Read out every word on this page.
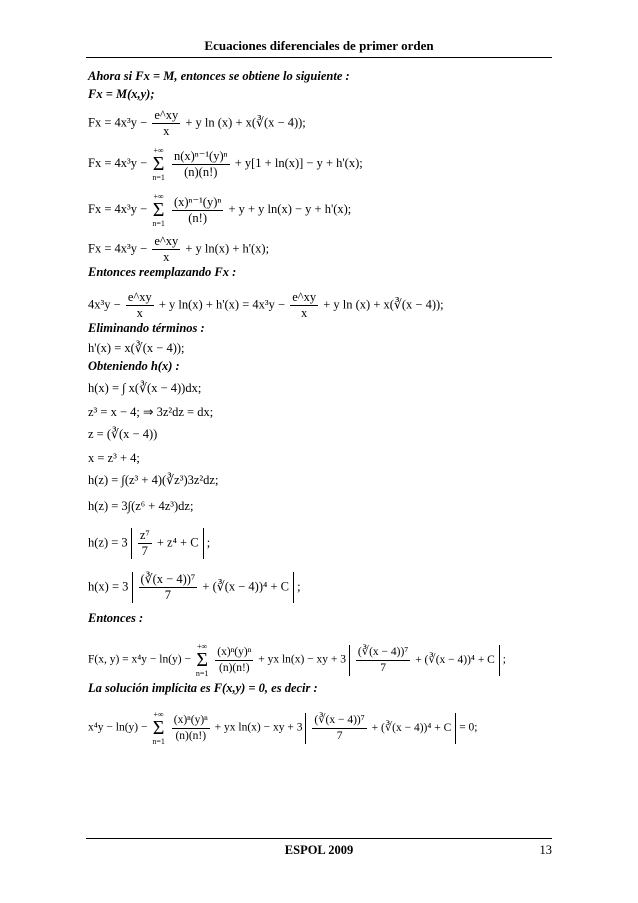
Ecuaciones diferenciales de primer orden
Ahora si Fx = M, entonces se obtiene lo siguiente :
Fx = M(x,y);
$Fx = 4x^3y - \frac{e\^{}xy}{x} + y$ ln (x) + x(∛(x − 4));
Fx = 4x³y −
+∞
Σ
n=1
$\frac{\text{n(x)ⁿ⁻¹(y)ⁿ}}{(n)(n!)} + y[1 + \ln(x)] - y + h'(x)$;
Fx = 4x³y −
+∞
Σ
n=1
$\frac{\text{(x)ⁿ⁻¹(y)ⁿ}}{(n!)} + y + y$ ln(x) − y + h'(x);
$Fx = 4x^3y - \frac{e\^{}xy}{x} + y$ ln(x) + h'(x);
Entonces reemplazando Fx :
$4x^3y - \frac{e\^{}xy}{x} + y$ $\ln(x) + h'(x) = 4x^3y - \frac{e\^{}xy}{x} + y$ ln (x) + x(∛(x − 4));
Eliminando términos :
h'(x) = x(∛(x − 4));
Obteniendo h(x) :
h(x) = ∫ x(∛(x − 4))dx;
z³ = x − 4; ⇒ 3z²dz = dx;
z = (∛(x − 4))
x = z³ + 4;
h(z) = ∫(z³ + 4)(∛z³)3z²dz;
h(z) = 3∫(z⁶ + 4z³)dz;
$h(z) = 3 \frac{\text{z⁷}}{7} + z^4 + C$ ;
$h(x) = 3 \frac{\text{(∛(x − 4))⁷}}{7}$ + (∛(x − 4))⁴ + C ;
Entonces :
F(x, y) = x⁴y − ln(y) −
+∞
Σ
n=1
$\frac{\text{(x)ⁿ(y)ⁿ}}{(n)(n!)}$ + yx ln(x) − xy + $3 \frac{\text{(∛(x − 4))⁷}}{7}$ + (∛(x − 4))⁴ + C ;
La solución implícita es F(x,y) = 0, es decir :
x⁴y − ln(y) −
+∞
Σ
n=1
$\frac{\text{(x)ⁿ(y)ⁿ}}{(n)(n!)}$ + yx ln(x) − xy + $3 \frac{\text{(∛(x − 4))⁷}}{7}$ + (∛(x − 4))⁴ + C = 0;
ESPOL 2009	13
